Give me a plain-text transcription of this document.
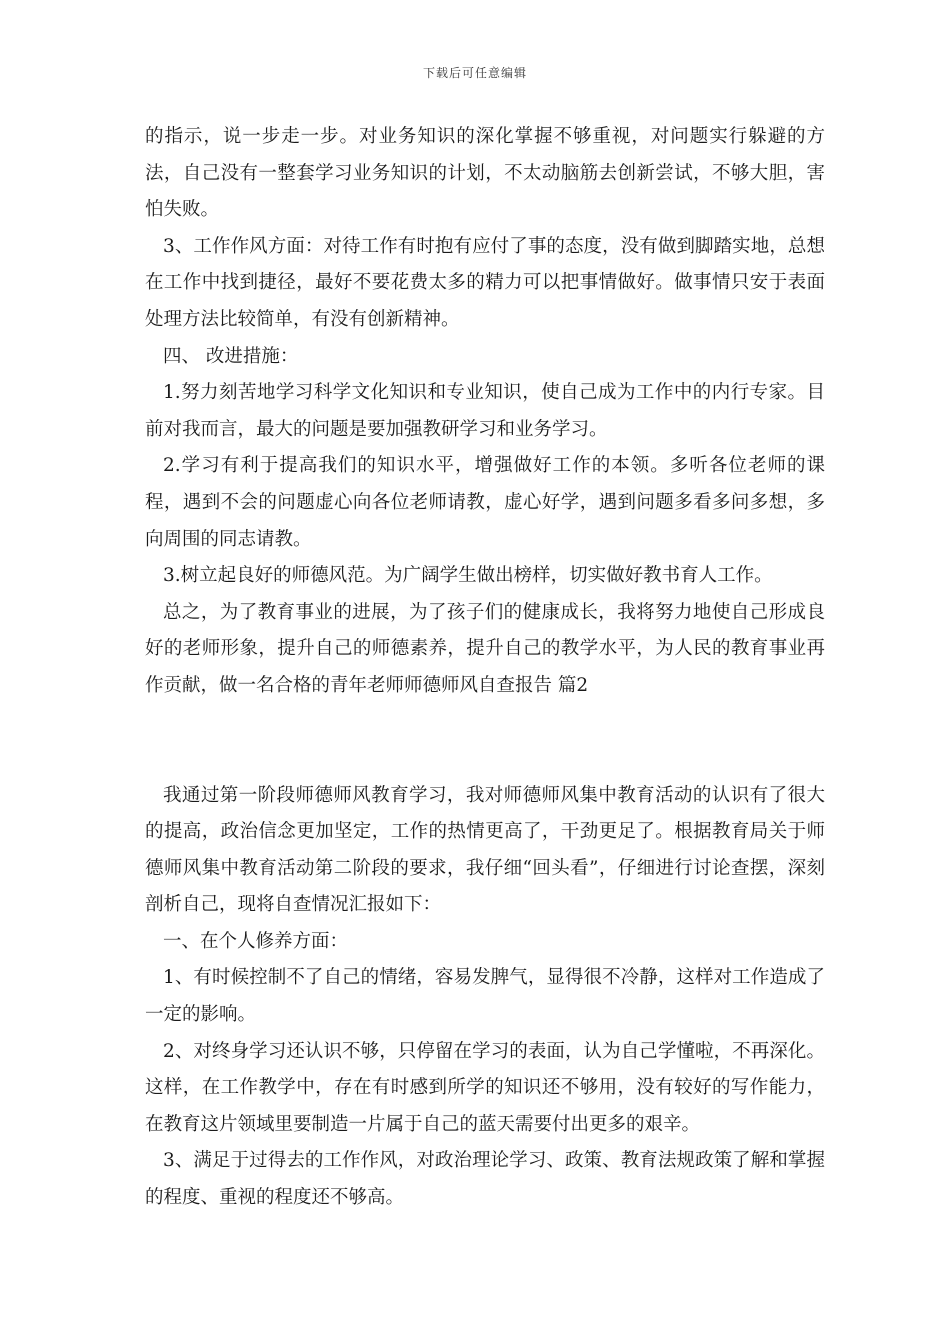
下载后可任意编辑

的指示，说一步走一步。对业务知识的深化掌握不够重视，对问题实行躲避的方法，自己没有一整套学习业务知识的计划，不太动脑筋去创新尝试，不够大胆，害怕失败。

3、工作作风方面：对待工作有时抱有应付了事的态度，没有做到脚踏实地，总想在工作中找到捷径，最好不要花费太多的精力可以把事情做好。做事情只安于表面处理方法比较简单，有没有创新精神。

四、 改进措施：

1.努力刻苦地学习科学文化知识和专业知识，使自己成为工作中的内行专家。目前对我而言，最大的问题是要加强教研学习和业务学习。

2.学习有利于提高我们的知识水平，增强做好工作的本领。多听各位老师的课程，遇到不会的问题虚心向各位老师请教，虚心好学，遇到问题多看多问多想，多向周围的同志请教。

3.树立起良好的师德风范。为广阔学生做出榜样，切实做好教书育人工作。

总之，为了教育事业的进展，为了孩子们的健康成长，我将努力地使自己形成良好的老师形象，提升自己的师德素养，提升自己的教学水平，为人民的教育事业再作贡献，做一名合格的青年老师师德师风自查报告 篇2

我通过第一阶段师德师风教育学习，我对师德师风集中教育活动的认识有了很大的提高，政治信念更加坚定，工作的热情更高了，干劲更足了。根据教育局关于师德师风集中教育活动第二阶段的要求，我仔细“回头看”，仔细进行讨论查摆，深刻剖析自己，现将自查情况汇报如下：

一、在个人修养方面：

1、有时候控制不了自己的情绪，容易发脾气，显得很不冷静，这样对工作造成了一定的影响。

2、对终身学习还认识不够，只停留在学习的表面，认为自己学懂啦，不再深化。这样，在工作教学中，存在有时感到所学的知识还不够用，没有较好的写作能力，在教育这片领域里要制造一片属于自己的蓝天需要付出更多的艰辛。

3、满足于过得去的工作作风，对政治理论学习、政策、教育法规政策了解和掌握的程度、重视的程度还不够高。
